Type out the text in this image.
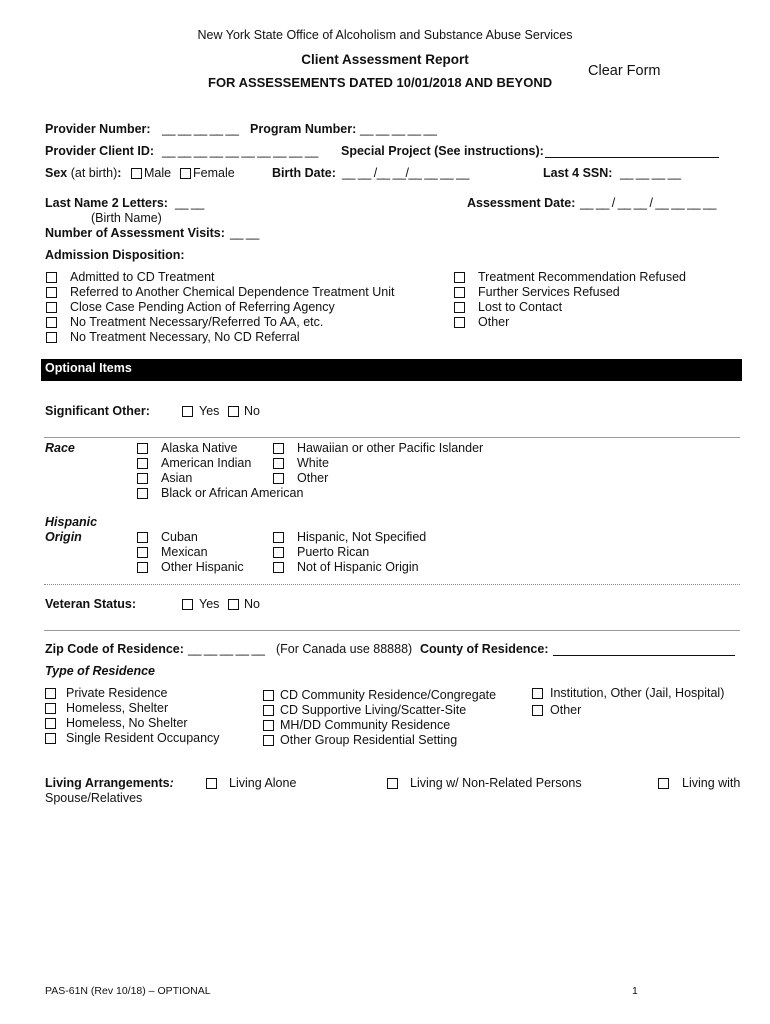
New York State Office of Alcoholism and Substance Abuse Services
Client Assessment Report
FOR ASSESSEMENTS DATED 10/01/2018 AND BEYOND
Clear Form
Provider Number: __ __ __ __ __ Program Number: __ __ __ __ __
Provider Client ID: __ __ __ __ __ __ __ __ __ __ Special Project (See instructions):
Sex (at birth): Male Female	Birth Date: __ __ /__ __/__ __ __ __	Last 4 SSN: __ __ __ __
Last Name 2 Letters: __ __
(Birth Name)
Assessment Date: __ __ / __ __ / __ __ __ __
Number of Assessment Visits: __ __
Admission Disposition:
Admitted to CD Treatment
Referred to Another Chemical Dependence Treatment Unit
Close Case Pending Action of Referring Agency
No Treatment Necessary/Referred To AA, etc.
No Treatment Necessary, No CD Referral
Treatment Recommendation Refused
Further Services Refused
Lost to Contact
Other
Optional Items
Significant Other:	Yes No
Race	Alaska Native
American Indian
Asian
Black or African American
Hawaiian or other Pacific Islander
White
Other
Hispanic
Origin	Cuban
Mexican
Other Hispanic
Hispanic, Not Specified
Puerto Rican
Not of Hispanic Origin
Veteran Status:	Yes No
Zip Code of Residence: __ __ __ __ __ (For Canada use 88888) County of Residence:
Type of Residence
Private Residence
Homeless, Shelter
Homeless, No Shelter
Single Resident Occupancy
CD Community Residence/Congregate
CD Supportive Living/Scatter-Site
MH/DD Community Residence
Other Group Residential Setting
Institution, Other (Jail, Hospital)
Other
Living Arrangements:	Living Alone	Living w/ Non-Related Persons	Living with
Spouse/Relatives
PAS-61N (Rev 10/18) – OPTIONAL	1
